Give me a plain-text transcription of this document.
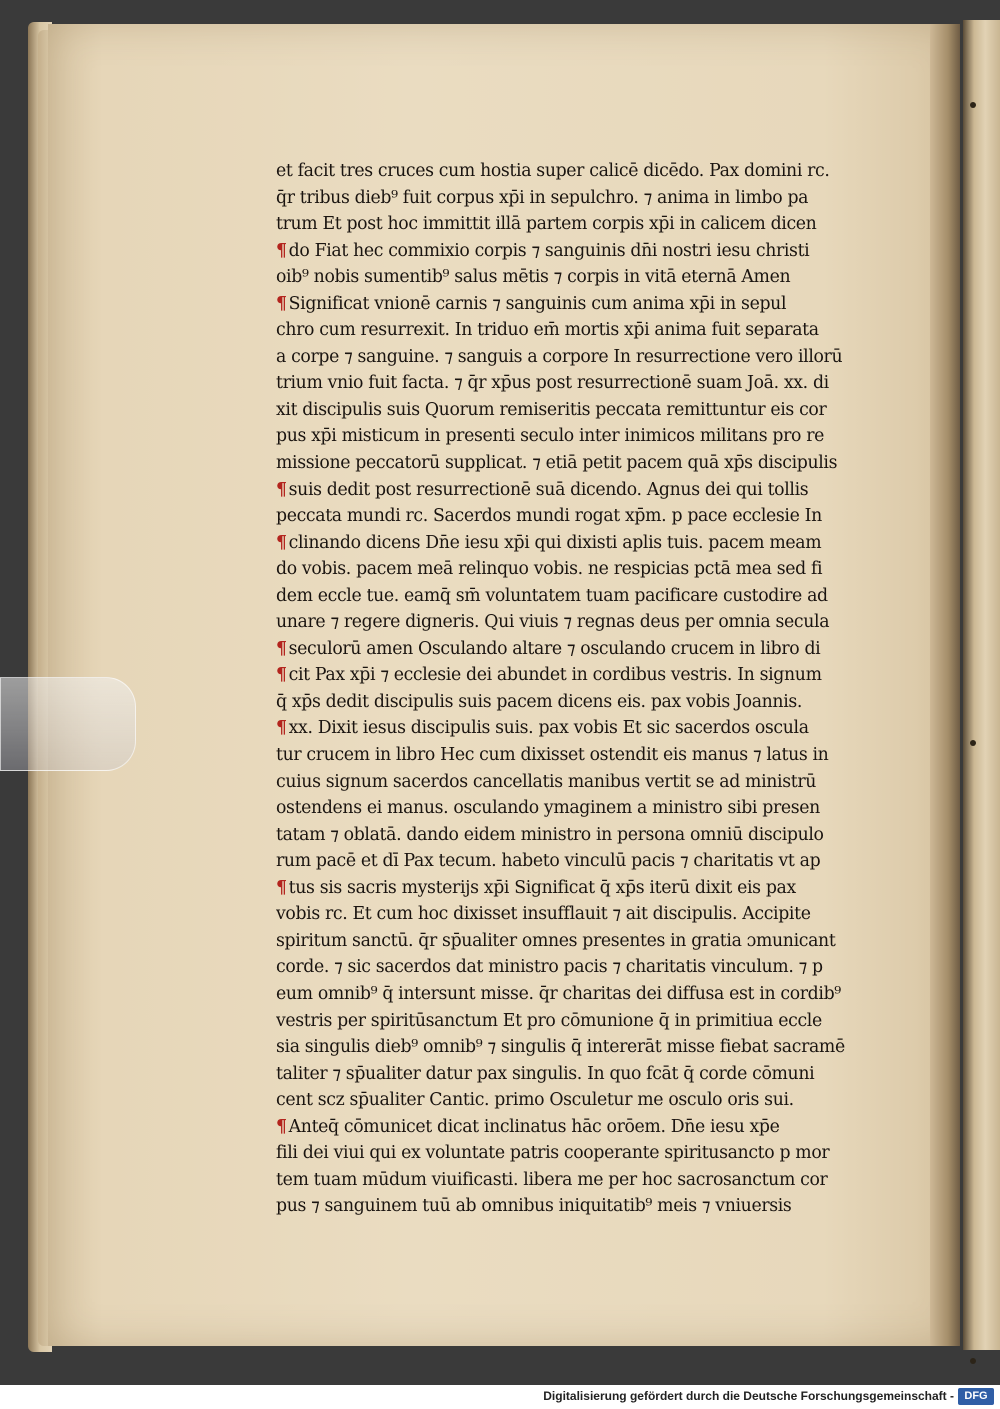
et facit tres cruces cum hostia super calicē dicēdo. Pax domini rc.
q̄r tribus dieb⁹ fuit corpus xp̄i in sepulchro. ⁊ anima in limbo pa
trum Et post hoc immittit illā partem corpis xp̄i in calicem dicen
¶ do Fiat hec commixio corpis ⁊ sanguinis dn̄i nostri iesu christi
oib⁹ nobis sumentib⁹ salus mētis ⁊ corpis in vitā eternā Amen
¶ Significat vnionē carnis ⁊ sanguinis cum anima xp̄i in sepul
chro cum resurrexit. In triduo em̄ mortis xp̄i anima fuit separata
a corpe ⁊ sanguine. ⁊ sanguis a corpore In resurrectione vero illorū
trium vnio fuit facta. ⁊ q̄r xp̄us post resurrectionē suam Joā. xx. di
xit discipulis suis Quorum remiseritis peccata remittuntur eis cor
pus xp̄i misticum in presenti seculo inter inimicos militans pro re
missione peccatorū supplicat. ⁊ etiā petit pacem quā xp̄s discipulis
¶ suis dedit post resurrectionē suā dicendo. Agnus dei qui tollis
peccata mundi rc. Sacerdos mundi rogat xp̄m. p pace ecclesie In
¶ clinando dicens Dn̄e iesu xp̄i qui dixisti aplis tuis. pacem meam
do vobis. pacem meā relinquo vobis. ne respicias pctā mea sed fi
dem eccle tue. eamq̄ sm̄ voluntatem tuam pacificare custodire ad
unare ⁊ regere digneris. Qui viuis ⁊ regnas deus per omnia secula
¶ seculorū amen Osculando altare ⁊ osculando crucem in libro di
¶ cit Pax xp̄i ⁊ ecclesie dei abundet in cordibus vestris. In signum
q̄ xp̄s dedit discipulis suis pacem dicens eis. pax vobis Joannis.
¶ xx. Dixit iesus discipulis suis. pax vobis Et sic sacerdos oscula
tur crucem in libro Hec cum dixisset ostendit eis manus ⁊ latus in
cuius signum sacerdos cancellatis manibus vertit se ad ministrū
ostendens ei manus. osculando ymaginem a ministro sibi presen
tatam ⁊ oblatā. dando eidem ministro in persona omniū discipulo
rum pacē et dī Pax tecum. habeto vinculū pacis ⁊ charitatis vt ap
¶ tus sis sacris mysterijs xp̄i Significat q̄ xp̄s iterū dixit eis pax
vobis rc. Et cum hoc dixisset insufflauit ⁊ ait discipulis. Accipite
spiritum sanctū. q̄r sp̄ualiter omnes presentes in gratia ɔmunicant
corde. ⁊ sic sacerdos dat ministro pacis ⁊ charitatis vinculum. ⁊ p
eum omnib⁹ q̄ intersunt misse. q̄r charitas dei diffusa est in cordib⁹
vestris per spiritūsanctum Et pro cōmunione q̄ in primitiua eccle
sia singulis dieb⁹ omnib⁹ ⁊ singulis q̄ intererāt misse fiebat sacramē
taliter ⁊ sp̄ualiter datur pax singulis. In quo fcāt q̄ corde cōmuni
cent scz sp̄ualiter Cantic. primo Osculetur me osculo oris sui.
¶ Anteq̄ cōmunicet dicat inclinatus hāc orōem. Dn̄e iesu xp̄e
fili dei viui qui ex voluntate patris cooperante spiritusancto p mor
tem tuam mūdum viuificasti. libera me per hoc sacrosanctum cor
pus ⁊ sanguinem tuū ab omnibus iniquitatib⁹ meis ⁊ vniuersis
Digitalisierung gefördert durch die Deutsche Forschungsgemeinschaft - DFG
